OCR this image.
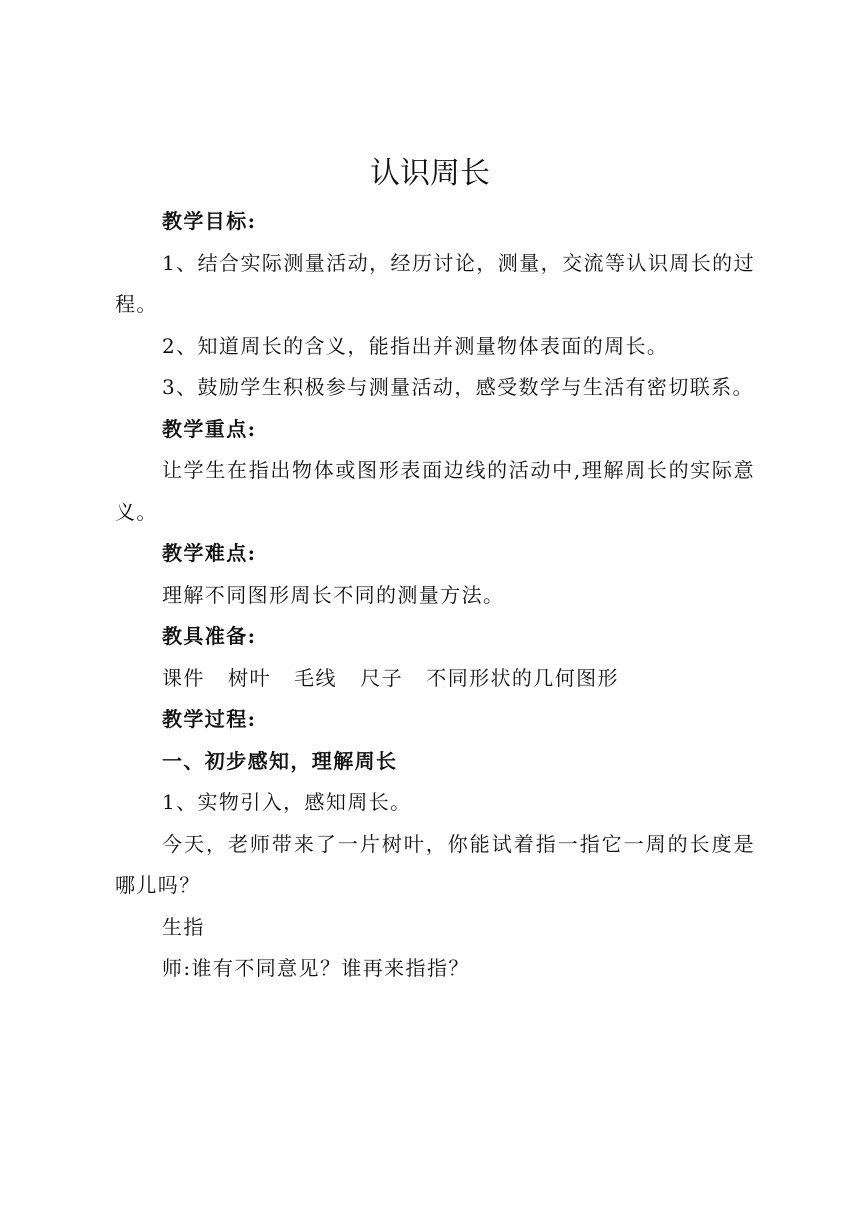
认识周长

教学目标:

1、结合实际测量活动，经历讨论，测量，交流等认识周长的过程。

2、知道周长的含义，能指出并测量物体表面的周长。

3、鼓励学生积极参与测量活动，感受数学与生活有密切联系。

教学重点:

让学生在指出物体或图形表面边线的活动中,理解周长的实际意义。

教学难点:

理解不同图形周长不同的测量方法。

教具准备:

课件   树叶   毛线   尺子   不同形状的几何图形

教学过程:

一、初步感知，理解周长

1、实物引入，感知周长。

今天，老师带来了一片树叶，你能试着指一指它一周的长度是哪儿吗？

生指

师:谁有不同意见？谁再来指指？
